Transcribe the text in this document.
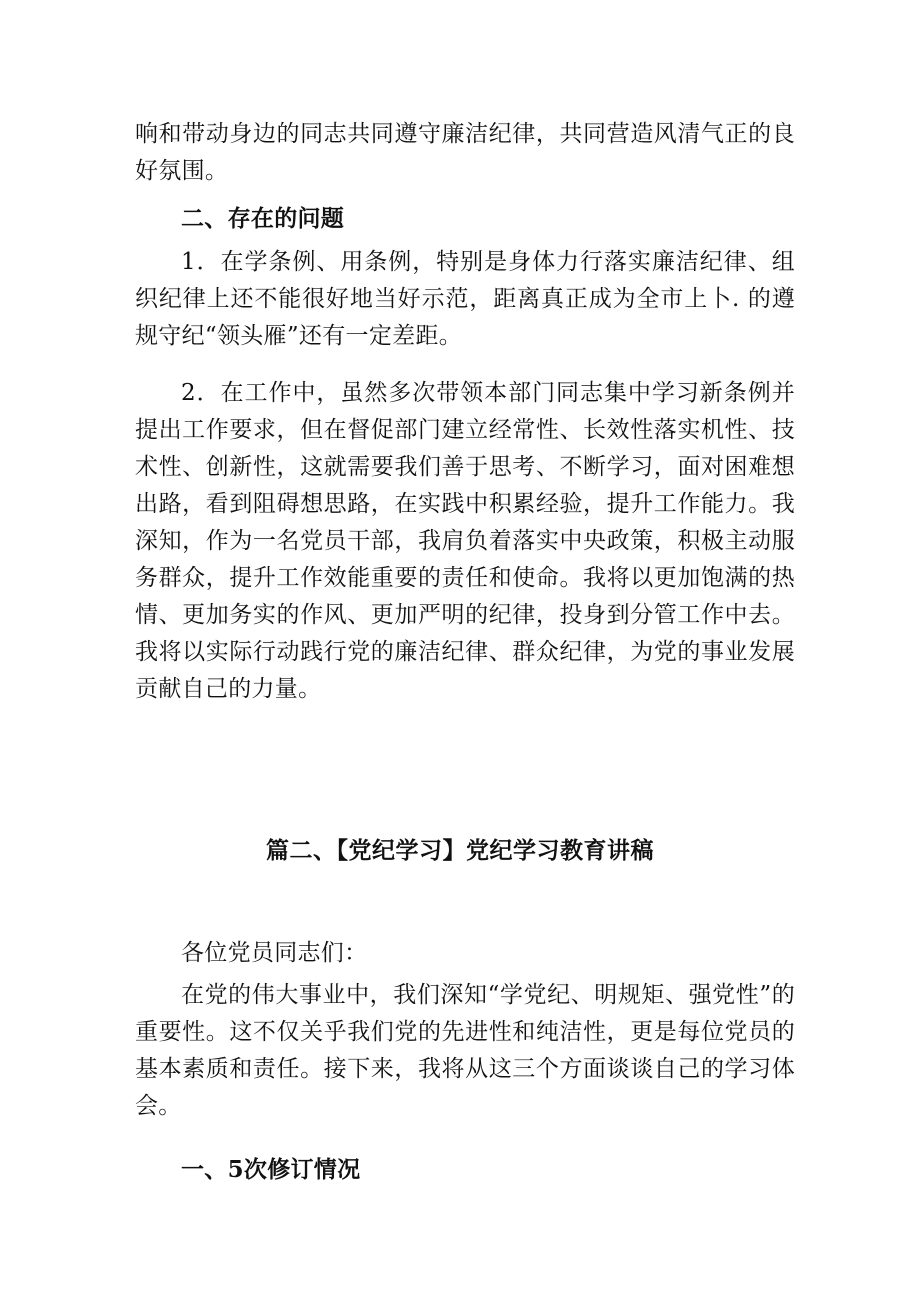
响和带动身边的同志共同遵守廉洁纪律，共同营造风清气正的良好氛围。

二、存在的问题

1．在学条例、用条例，特别是身体力行落实廉洁纪律、组织纪律上还不能很好地当好示范，距离真正成为全市上卜. 的遵规守纪“领头雁”还有一定差距。

2．在工作中，虽然多次带领本部门同志集中学习新条例并提出工作要求，但在督促部门建立经常性、长效性落实机性、技术性、创新性，这就需要我们善于思考、不断学习，面对困难想出路，看到阻碍想思路，在实践中积累经验，提升工作能力。我深知，作为一名党员干部，我肩负着落实中央政策，积极主动服务群众，提升工作效能重要的责任和使命。我将以更加饱满的热情、更加务实的作风、更加严明的纪律，投身到分管工作中去。我将以实际行动践行党的廉洁纪律、群众纪律，为党的事业发展贡献自己的力量。

篇二、【党纪学习】党纪学习教育讲稿

各位党员同志们：

在党的伟大事业中，我们深知“学党纪、明规矩、强党性”的重要性。这不仅关乎我们党的先进性和纯洁性，更是每位党员的基本素质和责任。接下来，我将从这三个方面谈谈自己的学习体会。

一、5次修订情况
